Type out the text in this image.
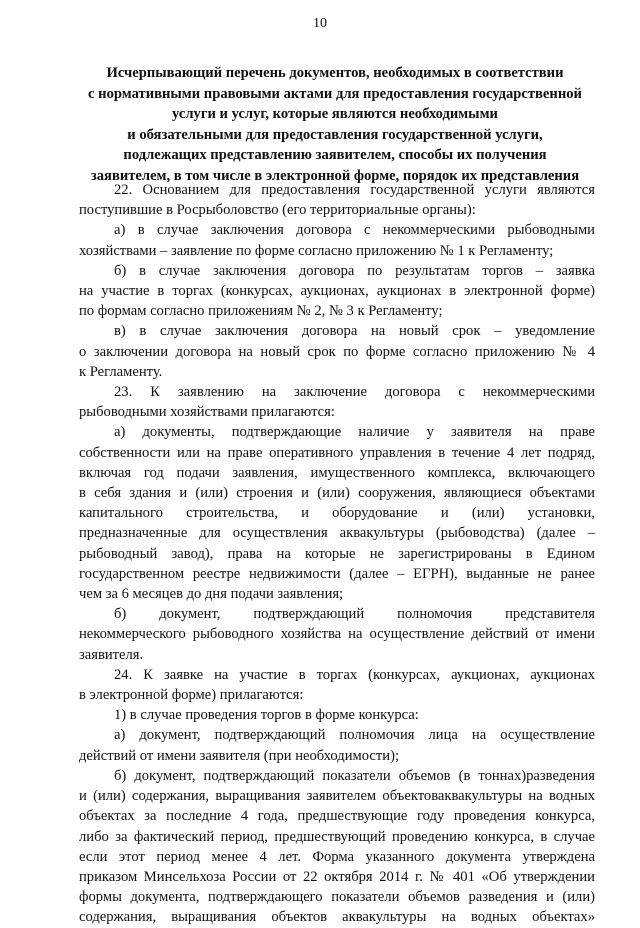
10
Исчерпывающий перечень документов, необходимых в соответствии
с нормативными правовыми актами для предоставления государственной
услуги и услуг, которые являются необходимыми
и обязательными для предоставления государственной услуги,
подлежащих представлению заявителем, способы их получения
заявителем, в том числе в электронной форме, порядок их представления
22. Основанием для предоставления государственной услуги являются
поступившие в Росрыболовство (его территориальные органы):
а) в случае заключения договора с некоммерческими рыбоводными
хозяйствами – заявление по форме согласно приложению № 1 к Регламенту;
б) в случае заключения договора по результатам торгов – заявка
на участие в торгах (конкурсах, аукционах, аукционах в электронной форме)
по формам согласно приложениям № 2, № 3 к Регламенту;
в) в случае заключения договора на новый срок – уведомление
о заключении договора на новый срок по форме согласно приложению № 4
к Регламенту.
23. К заявлению на заключение договора с некоммерческими
рыбоводными хозяйствами прилагаются:
а) документы, подтверждающие наличие у заявителя на праве
собственности или на праве оперативного управления в течение 4 лет подряд,
включая год подачи заявления, имущественного комплекса, включающего
в себя здания и (или) строения и (или) сооружения, являющиеся объектами
капитального строительства, и оборудование и (или) установки,
предназначенные для осуществления аквакультуры (рыбоводства) (далее –
рыбоводный завод), права на которые не зарегистрированы в Едином
государственном реестре недвижимости (далее – ЕГРН), выданные не ранее
чем за 6 месяцев до дня подачи заявления;
б) документ, подтверждающий полномочия представителя
некоммерческого рыбоводного хозяйства на осуществление действий от имени
заявителя.
24. К заявке на участие в торгах (конкурсах, аукционах, аукционах
в электронной форме) прилагаются:
1) в случае проведения торгов в форме конкурса:
а) документ, подтверждающий полномочия лица на осуществление
действий от имени заявителя (при необходимости);
б) документ, подтверждающий показатели объемов (в тоннах)разведения
и (или) содержания, выращивания заявителем объектоваквакультуры на водных
объектах за последние 4 года, предшествующие году проведения конкурса,
либо за фактический период, предшествующий проведению конкурса, в случае
если этот период менее 4 лет. Форма указанного документа утверждена
приказом Минсельхоза России от 22 октября 2014 г. № 401 «Об утверждении
формы документа, подтверждающего показатели объемов разведения и (или)
содержания, выращивания объектов аквакультуры на водных объектах»
